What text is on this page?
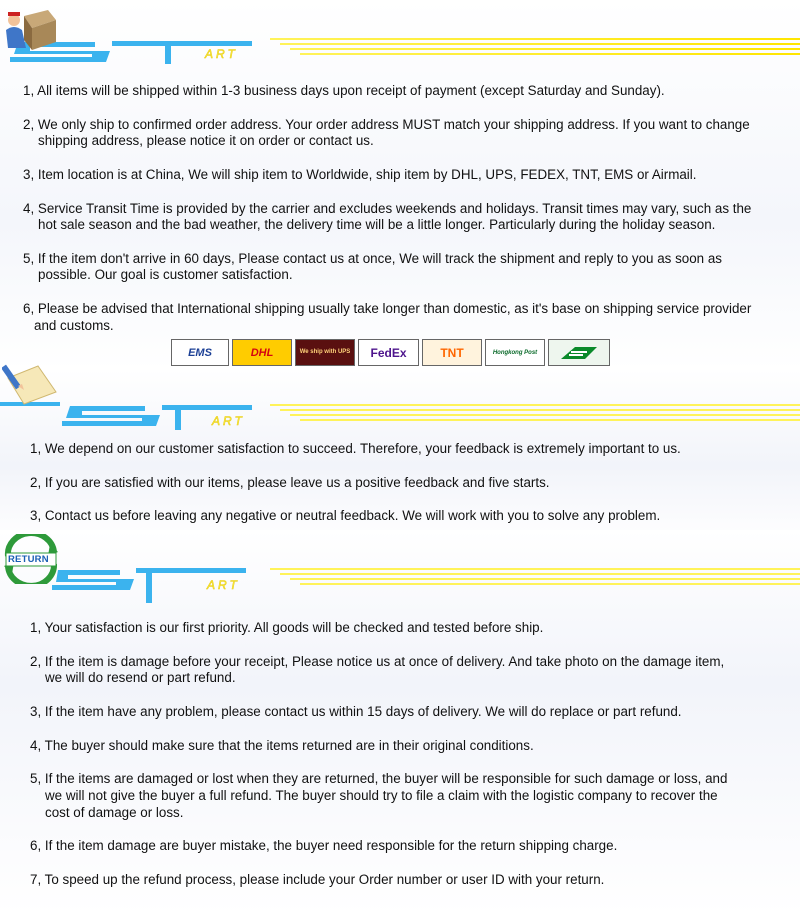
ART
1, All items will be shipped within 1-3 business days upon receipt of payment (except Saturday and Sunday).
2, We only ship to confirmed order address. Your order address MUST match your shipping address. If you want to change
shipping address, please notice it on order or contact us.
3, Item location is at China, We will ship item to Worldwide, ship item by DHL, UPS, FEDEX, TNT, EMS or Airmail.
4, Service Transit Time is provided by the carrier and excludes weekends and holidays. Transit times may vary, such as the
hot sale season and the bad weather, the delivery time will be a little longer. Particularly during the holiday season.
5, If the item don't arrive in 60 days, Please contact us at once, We will track the shipment and reply to you as soon as
possible. Our goal is customer satisfaction.
6, Please be advised that International shipping usually take longer than domestic, as it's base on shipping service provider
and customs.
EMS	DHL	We ship with UPS FedEx	TNT	Hongkong Post
ART
1, We depend on our customer satisfaction to succeed. Therefore, your feedback is extremely important to us.
2, If you are satisfied with our items, please leave us a positive feedback and five starts.
3, Contact us before leaving any negative or neutral feedback. We will work with you to solve any problem.
ART
RETURN
1, Your satisfaction is our first priority. All goods will be checked and tested before ship.
2, If the item is damage before your receipt, Please notice us at once of delivery. And take photo on the damage item,
we will do resend or part refund.
3, If the item have any problem, please contact us within 15 days of delivery. We will do replace or part refund.
4, The buyer should make sure that the items returned are in their original conditions.
5, If the items are damaged or lost when they are returned, the buyer will be responsible for such damage or loss, and
we will not give the buyer a full refund. The buyer should try to file a claim with the logistic company to recover the
cost of damage or loss.
6, If the item damage are buyer mistake, the buyer need responsible for the return shipping charge.
7, To speed up the refund process, please include your Order number or user ID with your return.
